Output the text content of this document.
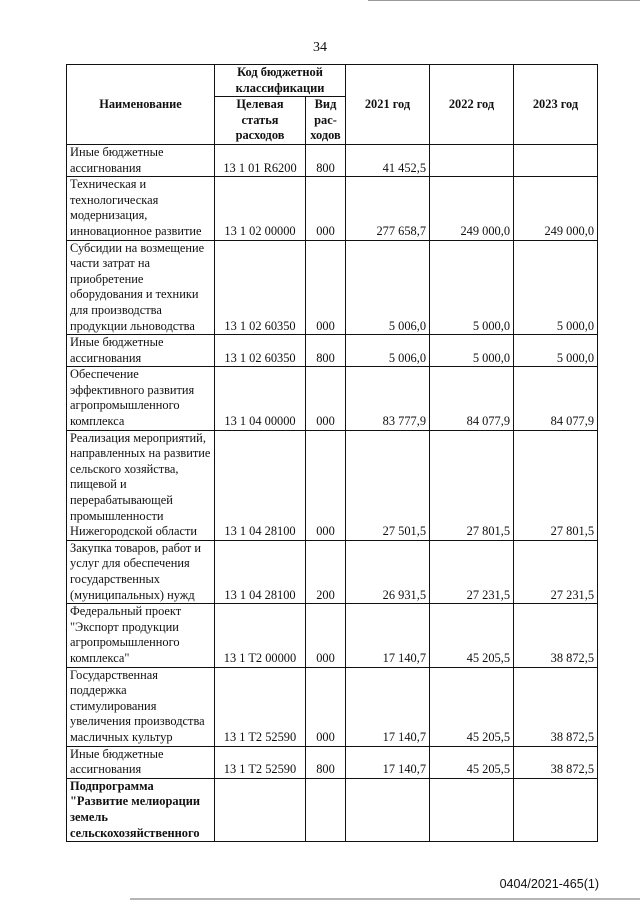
34
Наименование	Код бюджетной классификации		2021 год	2022 год	2023 год
	Целевая статья расходов	Вид рас-ходов			
Иные бюджетные ассигнования	13 1 01 R6200	800	41 452,5		
Техническая и технологическая модернизация, инновационное развитие	13 1 02 00000	000	277 658,7	249 000,0	249 000,0
Субсидии на возмещение части затрат на приобретение оборудования и техники для производства продукции льноводства	13 1 02 60350	000	5 006,0	5 000,0	5 000,0
Иные бюджетные ассигнования	13 1 02 60350	800	5 006,0	5 000,0	5 000,0
Обеспечение эффективного развития агропромышленного комплекса	13 1 04 00000	000	83 777,9	84 077,9	84 077,9
Реализация мероприятий, направленных на развитие сельского хозяйства, пищевой и перерабатывающей промышленности Нижегородской области	13 1 04 28100	000	27 501,5	27 801,5	27 801,5
Закупка товаров, работ и услуг для обеспечения государственных (муниципальных) нужд	13 1 04 28100	200	26 931,5	27 231,5	27 231,5
Федеральный проект "Экспорт продукции агропромышленного комплекса"	13 1 T2 00000	000	17 140,7	45 205,5	38 872,5
Государственная поддержка стимулирования увеличения производства масличных культур	13 1 T2 52590	000	17 140,7	45 205,5	38 872,5
Иные бюджетные ассигнования	13 1 T2 52590	800	17 140,7	45 205,5	38 872,5
Подпрограмма "Развитие мелиорации земель сельскохозяйственного					
0404/2021-465(1)
